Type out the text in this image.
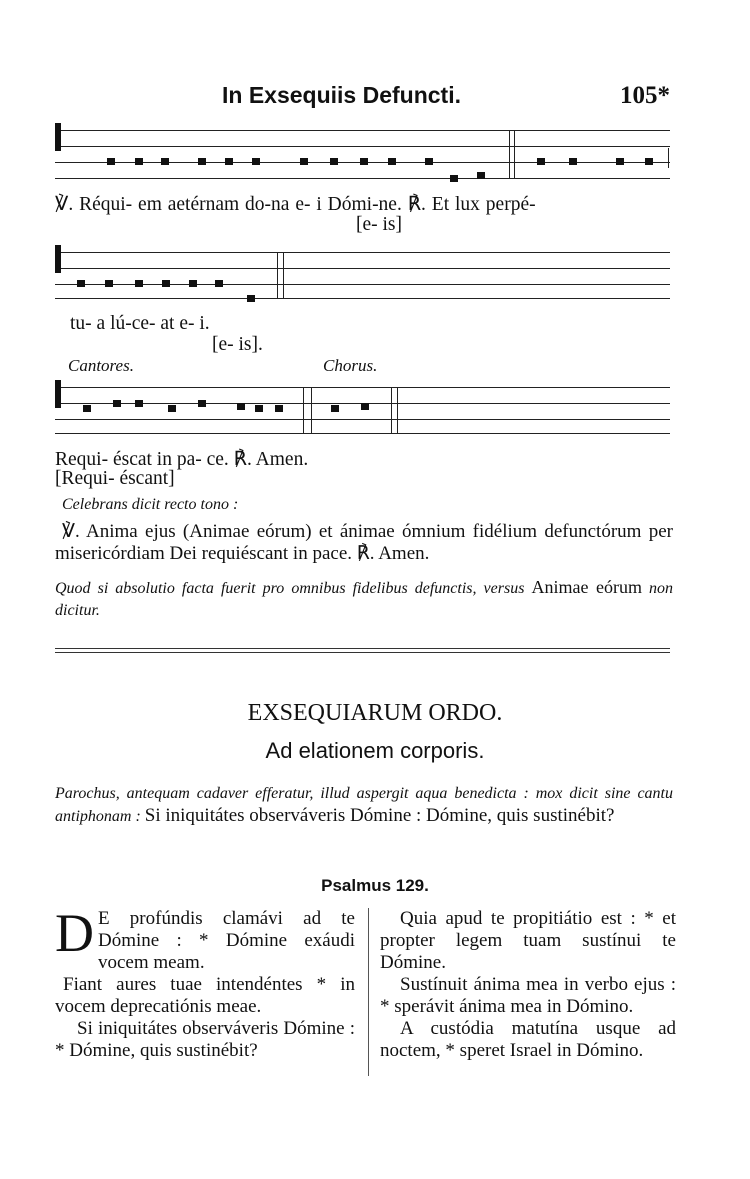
In Exsequiis Defuncti.	105*
℣. Réqui- em aetérnam do-na e- i Dómi-ne. ℟. Et lux perpé-
[e- is]
tu- a lú-ce- at e- i.
[e- is].
Cantores.	Chorus.
Requi- éscat in pa- ce. ℟. Amen.
[Requi- éscant]
Celebrans dicit recto tono :
℣. Anima ejus (Animae eórum) et ánimae ómnium fidélium defunctórum per misericórdiam Dei requiéscant in pace. ℟. Amen.
Quod si absolutio facta fuerit pro omnibus fidelibus defunctis, versus Animae eórum non dicitur.
EXSEQUIARUM ORDO.
Ad elationem corporis.
Parochus, antequam cadaver efferatur, illud aspergit aqua benedicta : mox dicit sine cantu antiphonam : Si iniquitátes observáveris Dómine : Dómine, quis sustinébit?
Psalmus 129.

D E profúndis clamávi ad te Dómine : * Dómine exáudi vocem meam.

Fiant aures tuae intendéntes * in vocem deprecatiónis meae.

Si iniquitátes observáveris Dómine : * Dómine, quis sustinébit?

Quia apud te propitiátio est : * et propter legem tuam sustínui te Dómine.

Sustínuit ánima mea in verbo ejus : * sperávit ánima mea in Dómino.

A custódia matutína usque ad noctem, * speret Israel in Dómino.
